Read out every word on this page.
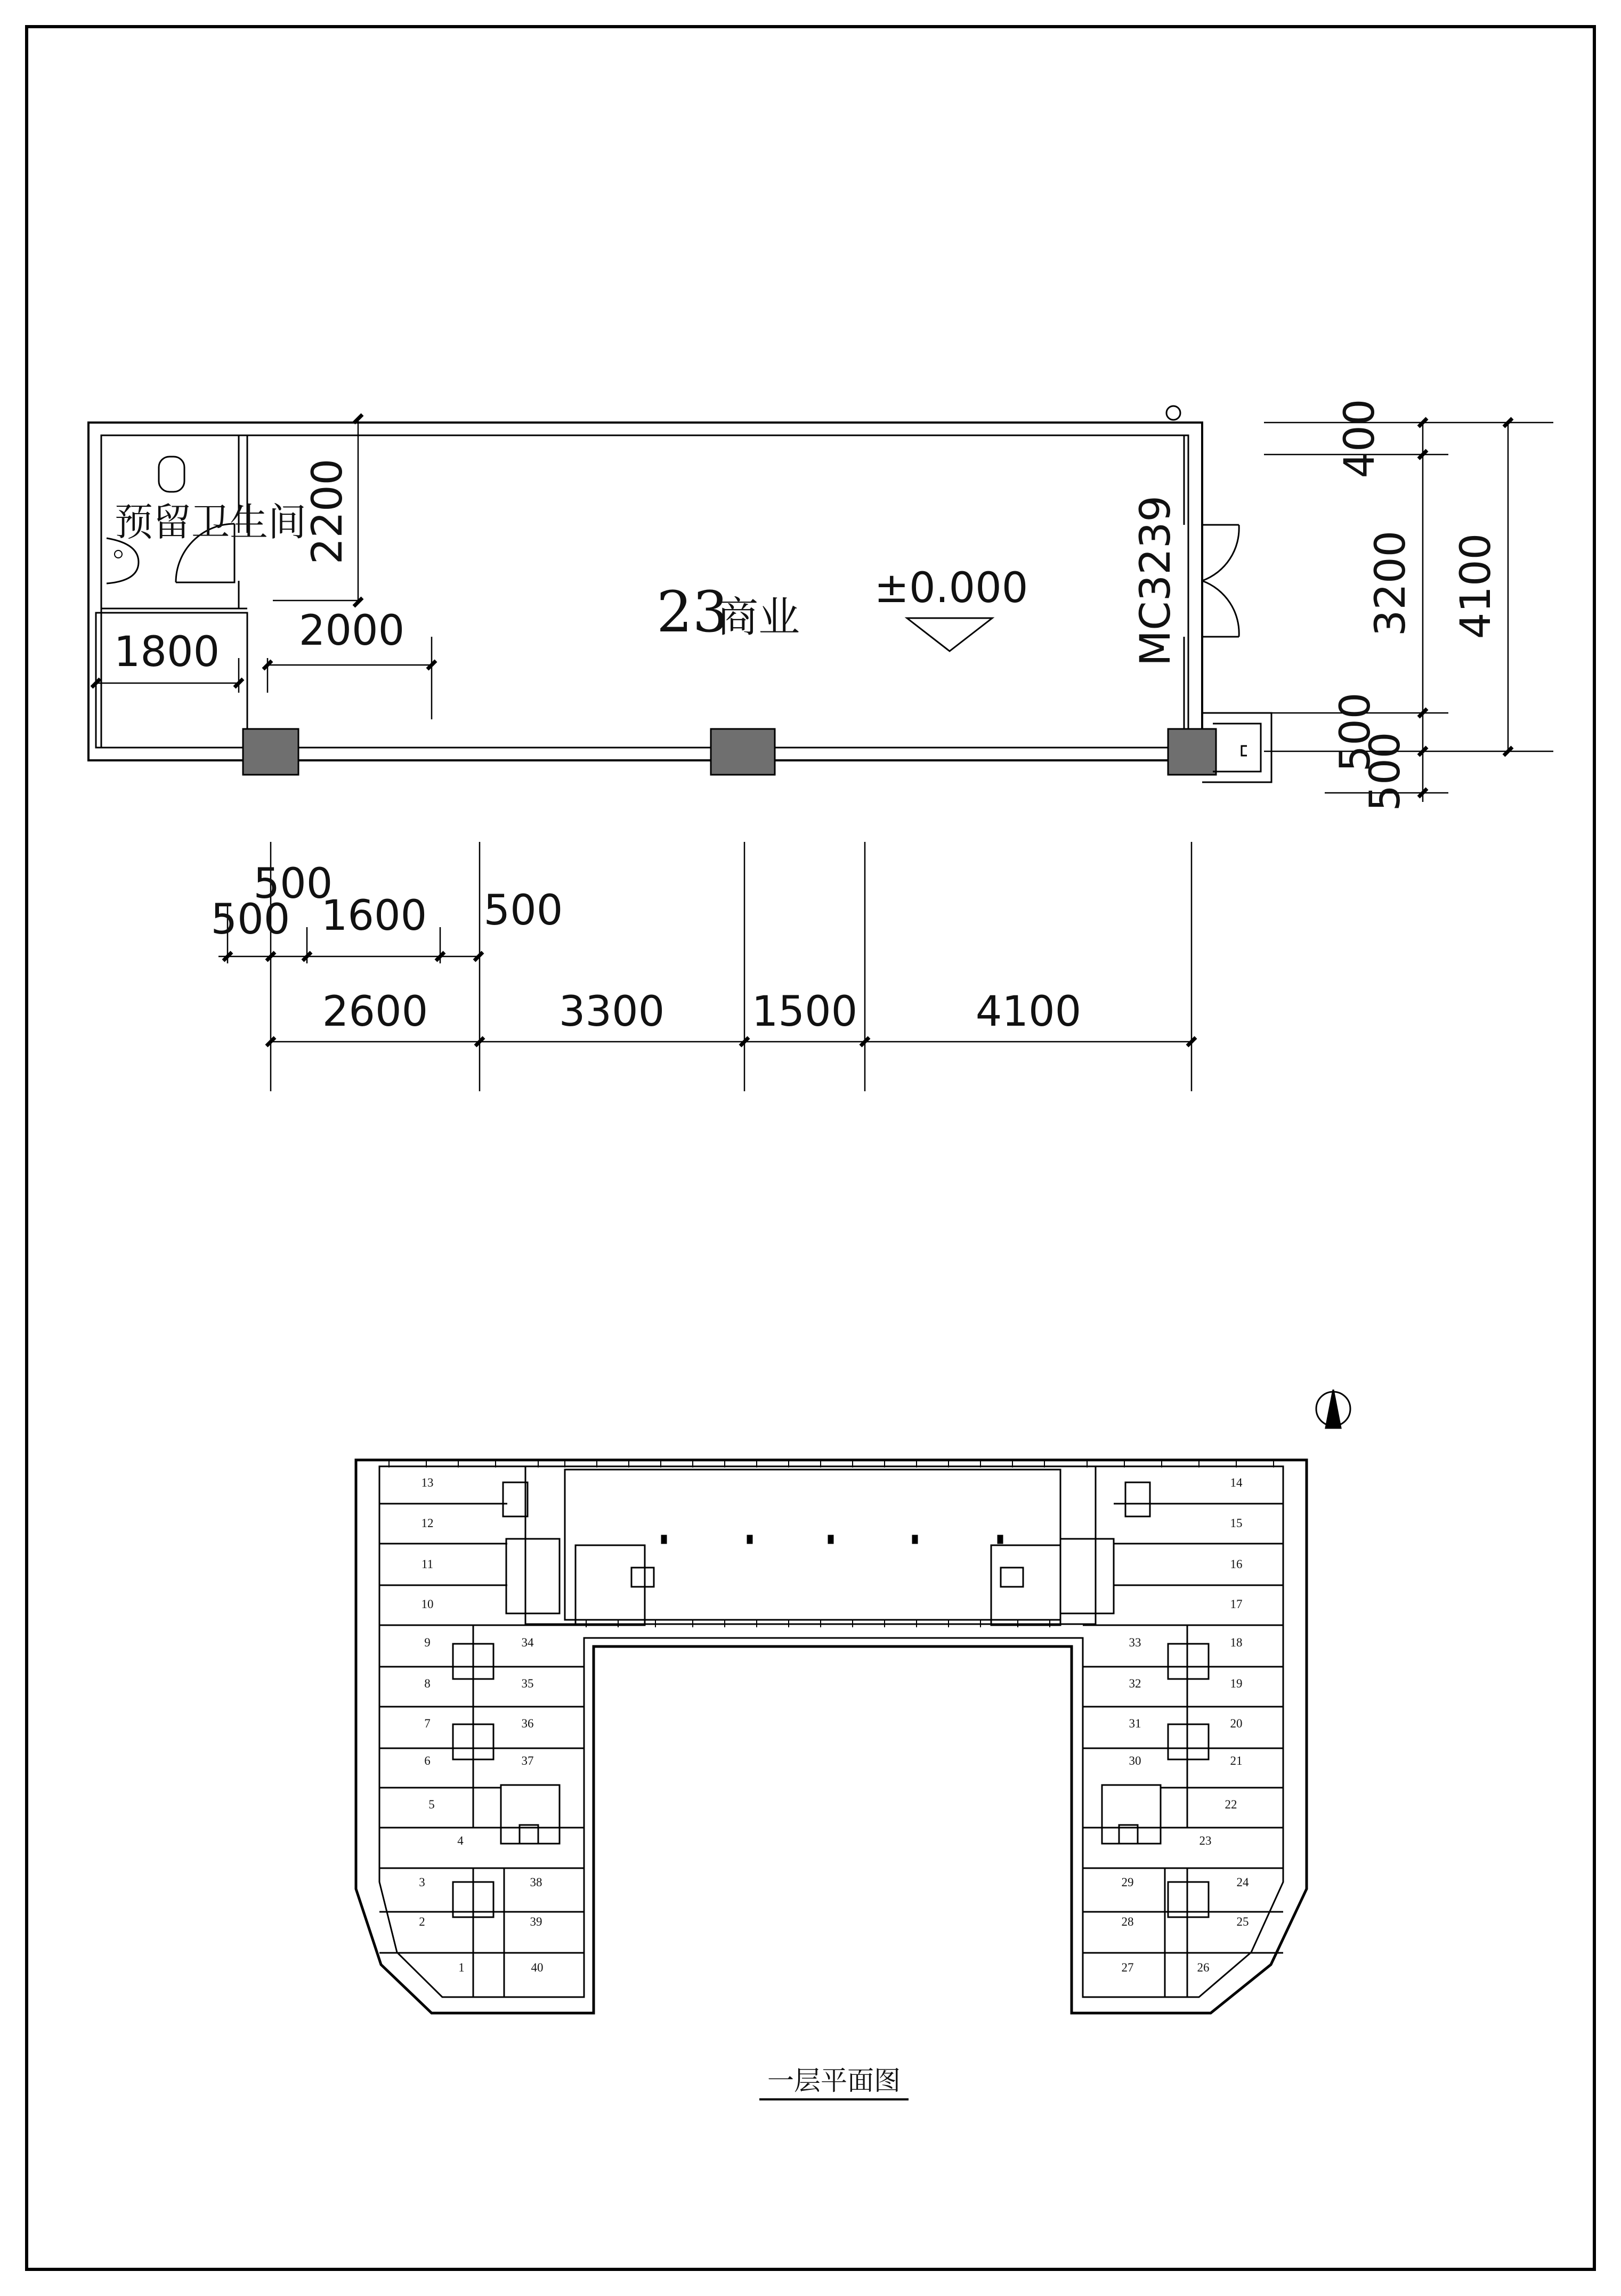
2200
预留卫生间
1800 2000	23
商业
±0.000 MC3239
400
3200 4100
500
500
500
500
1600 500
2600	3300 1500	4100
13
12
11
10
9
8
7
6
5
4
3
2
1
34
35
36
37
38
39
40
14
15
16
17
18
19
20
21
22
23
24
25
26
33
32
31
30
29
28
27
一层平面图
